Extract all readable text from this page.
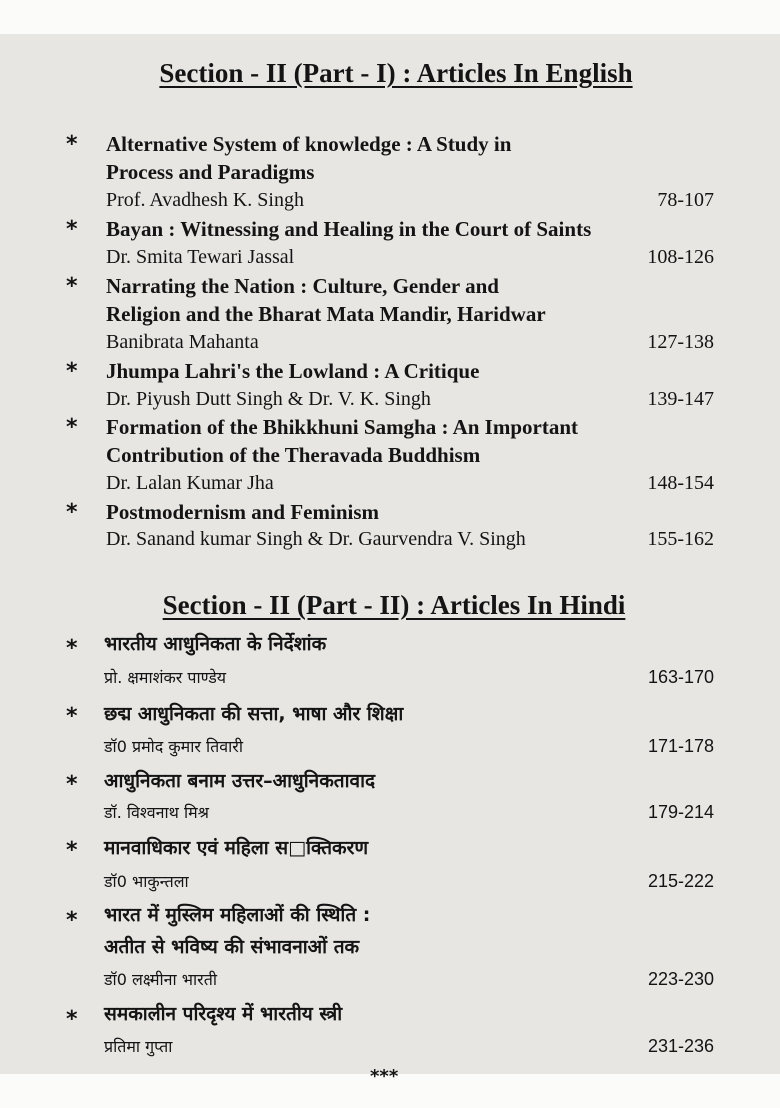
Section - II (Part - I) : Articles In English
* Alternative System of knowledge : A Study in
Process and Paradigms
Prof. Avadhesh K. Singh	78-107
* Bayan : Witnessing and Healing in the Court of Saints
Dr. Smita Tewari Jassal	108-126
* Narrating the Nation : Culture, Gender and
Religion and the Bharat Mata Mandir, Haridwar
Banibrata Mahanta	127-138
* Jhumpa Lahri's the Lowland : A Critique
Dr. Piyush Dutt Singh & Dr. V. K. Singh	139-147
* Formation of the Bhikkhuni Samgha : An Important
Contribution of the Theravada Buddhism
Dr. Lalan Kumar Jha	148-154
* Postmodernism and Feminism
Dr. Sanand kumar Singh & Dr. Gaurvendra V. Singh	155-162
Section - II (Part - II) : Articles In Hindi
* भारतीय आधुनिकता के निर्देशांक
प्रो. क्षमाशंकर पाण्डेय	163-170
* छद्म आधुनिकता की सत्ता, भाषा और शिक्षा
डॉ0 प्रमोद कुमार तिवारी	171-178
* आधुनिकता बनाम उत्तर–आधुनिकतावाद
डॉ. विश्वनाथ मिश्र	179-214
* मानवाधिकार एवं महिला स□क्तिकरण
डॉ0 भाकुन्तला	215-222
* भारत में मुस्लिम महिलाओं की स्थिति :
अतीत से भविष्य की संभावनाओं तक
डॉ0 लक्ष्मीना भारती	223-230
* समकालीन परिदृश्य में भारतीय स्त्री
प्रतिमा गुप्ता	231-236
***
